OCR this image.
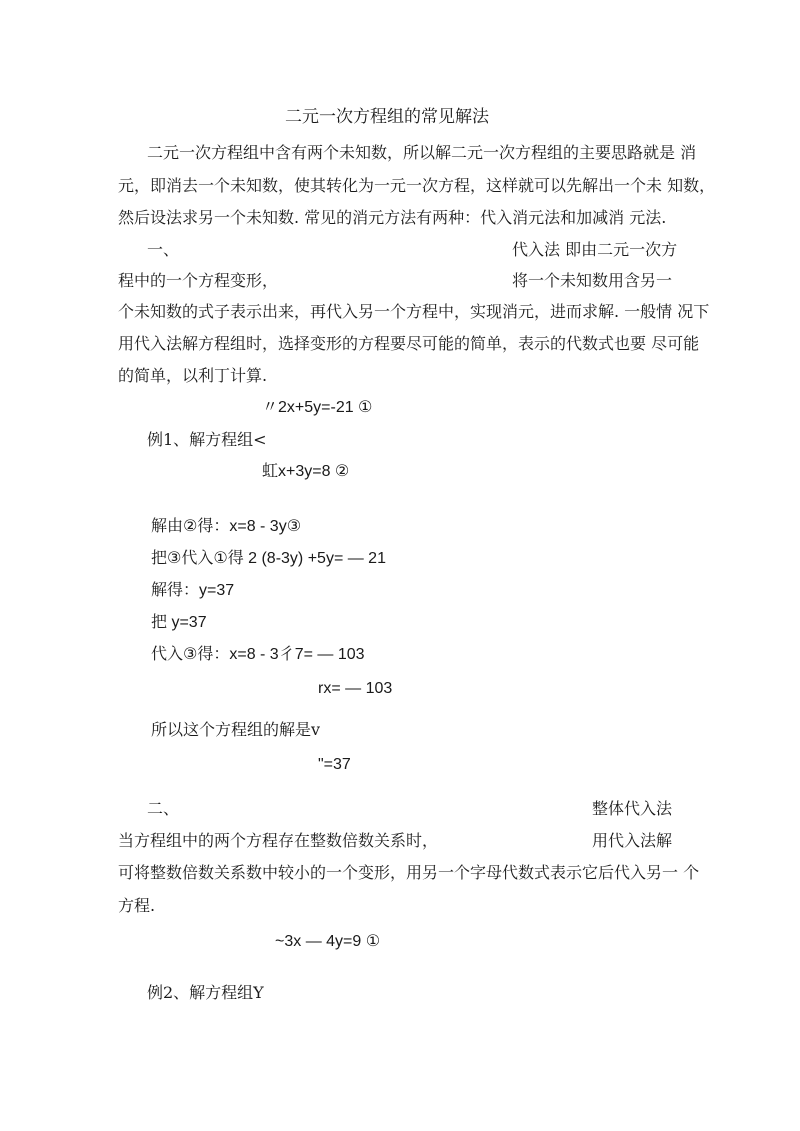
二元一次方程组的常见解法
二元一次方程组中含有两个未知数，所以解二元一次方程组的主要思路就是 消
元，即消去一个未知数，使其转化为一元一次方程，这样就可以先解出一个未 知数，
然后设法求另一个未知数. 常见的消元方法有两种：代入消元法和加减消 元法.
一、	代入法 即由二元一次方
程中的一个方程变形，	将一个未知数用含另一
个未知数的式子表示出来，再代入另一个方程中，实现消元，进而求解. 一般情 况下
用代入法解方程组时，选择变形的方程要尽可能的简单，表示的代数式也要 尽可能
的简单，以利丁计算.
〃2x+5y=-21 ①
例1、解方程组<
虹x+3y=8 ②
解由②得：x=8 - 3y③
把③代入①得 2 (8-3y) +5y= — 21
解得：y=37
把 y=37
代入③得：x=8 - 3彳7= — 103
rx= — 103
所以这个方程组的解是v
"=37
二、	整体代入法
当方程组中的两个方程存在整数倍数关系时，	用代入法解
可将整数倍数关系数中较小的一个变形，用另一个字母代数式表示它后代入另一 个
方程.
~3x — 4y=9 ①
例2、解方程组Y
